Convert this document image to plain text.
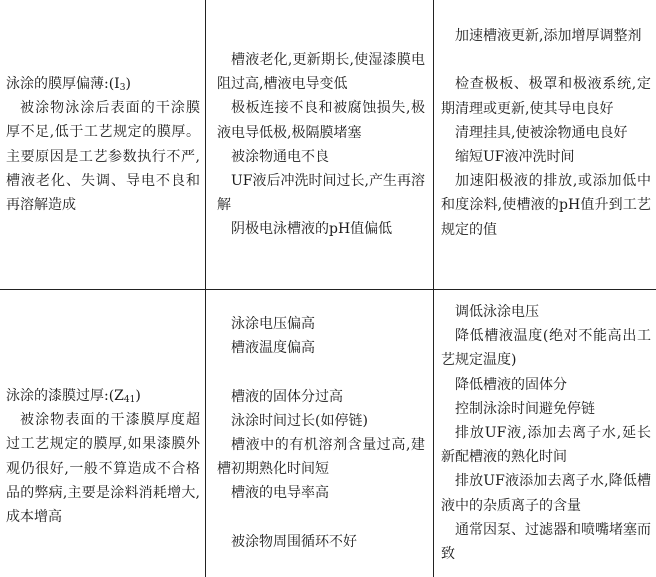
泳涂的膜厚偏薄$:(I_3)$

被涂物泳涂后表面的干涂膜厚不足,低于工艺规定的膜厚。主要原因是工艺参数执行不严,槽液老化、失调、导电不良和再溶解造成

槽液老化,更新期长,使湿漆膜电阻过高,槽液电导变低

极板连接不良和被腐蚀损失,极液电导低极,极隔膜堵塞

被涂物通电不良

UF液后冲洗时间过长,产生再溶解

阴极电泳槽液的pH值偏低

加速槽液更新,添加增厚调整剂

检查极板、极罩和极液系统,定期清理或更新,使其导电良好

清理挂具,使被涂物通电良好

缩短UF液冲洗时间

加速阳极液的排放,或添加低中和度涂料,使槽液的pH值升到工艺规定的值

泳涂的漆膜过厚$:(Z_{41})$

被涂物表面的干漆膜厚度超过工艺规定的膜厚,如果漆膜外观仍很好,一般不算造成不合格品的弊病,主要是涂料消耗增大,成本增高

泳涂电压偏高

槽液温度偏高

槽液的固体分过高

泳涂时间过长(如停链)

槽液中的有机溶剂含量过高,建槽初期熟化时间短

槽液的电导率高

被涂物周围循环不好

调低泳涂电压

降低槽液温度(绝对不能高出工艺规定温度)

降低槽液的固体分

控制泳涂时间避免停链

排放UF液,添加去离子水,延长新配槽液的熟化时间

排放UF液添加去离子水,降低槽液中的杂质离子的含量

通常因泵、过滤器和喷嘴堵塞而致
